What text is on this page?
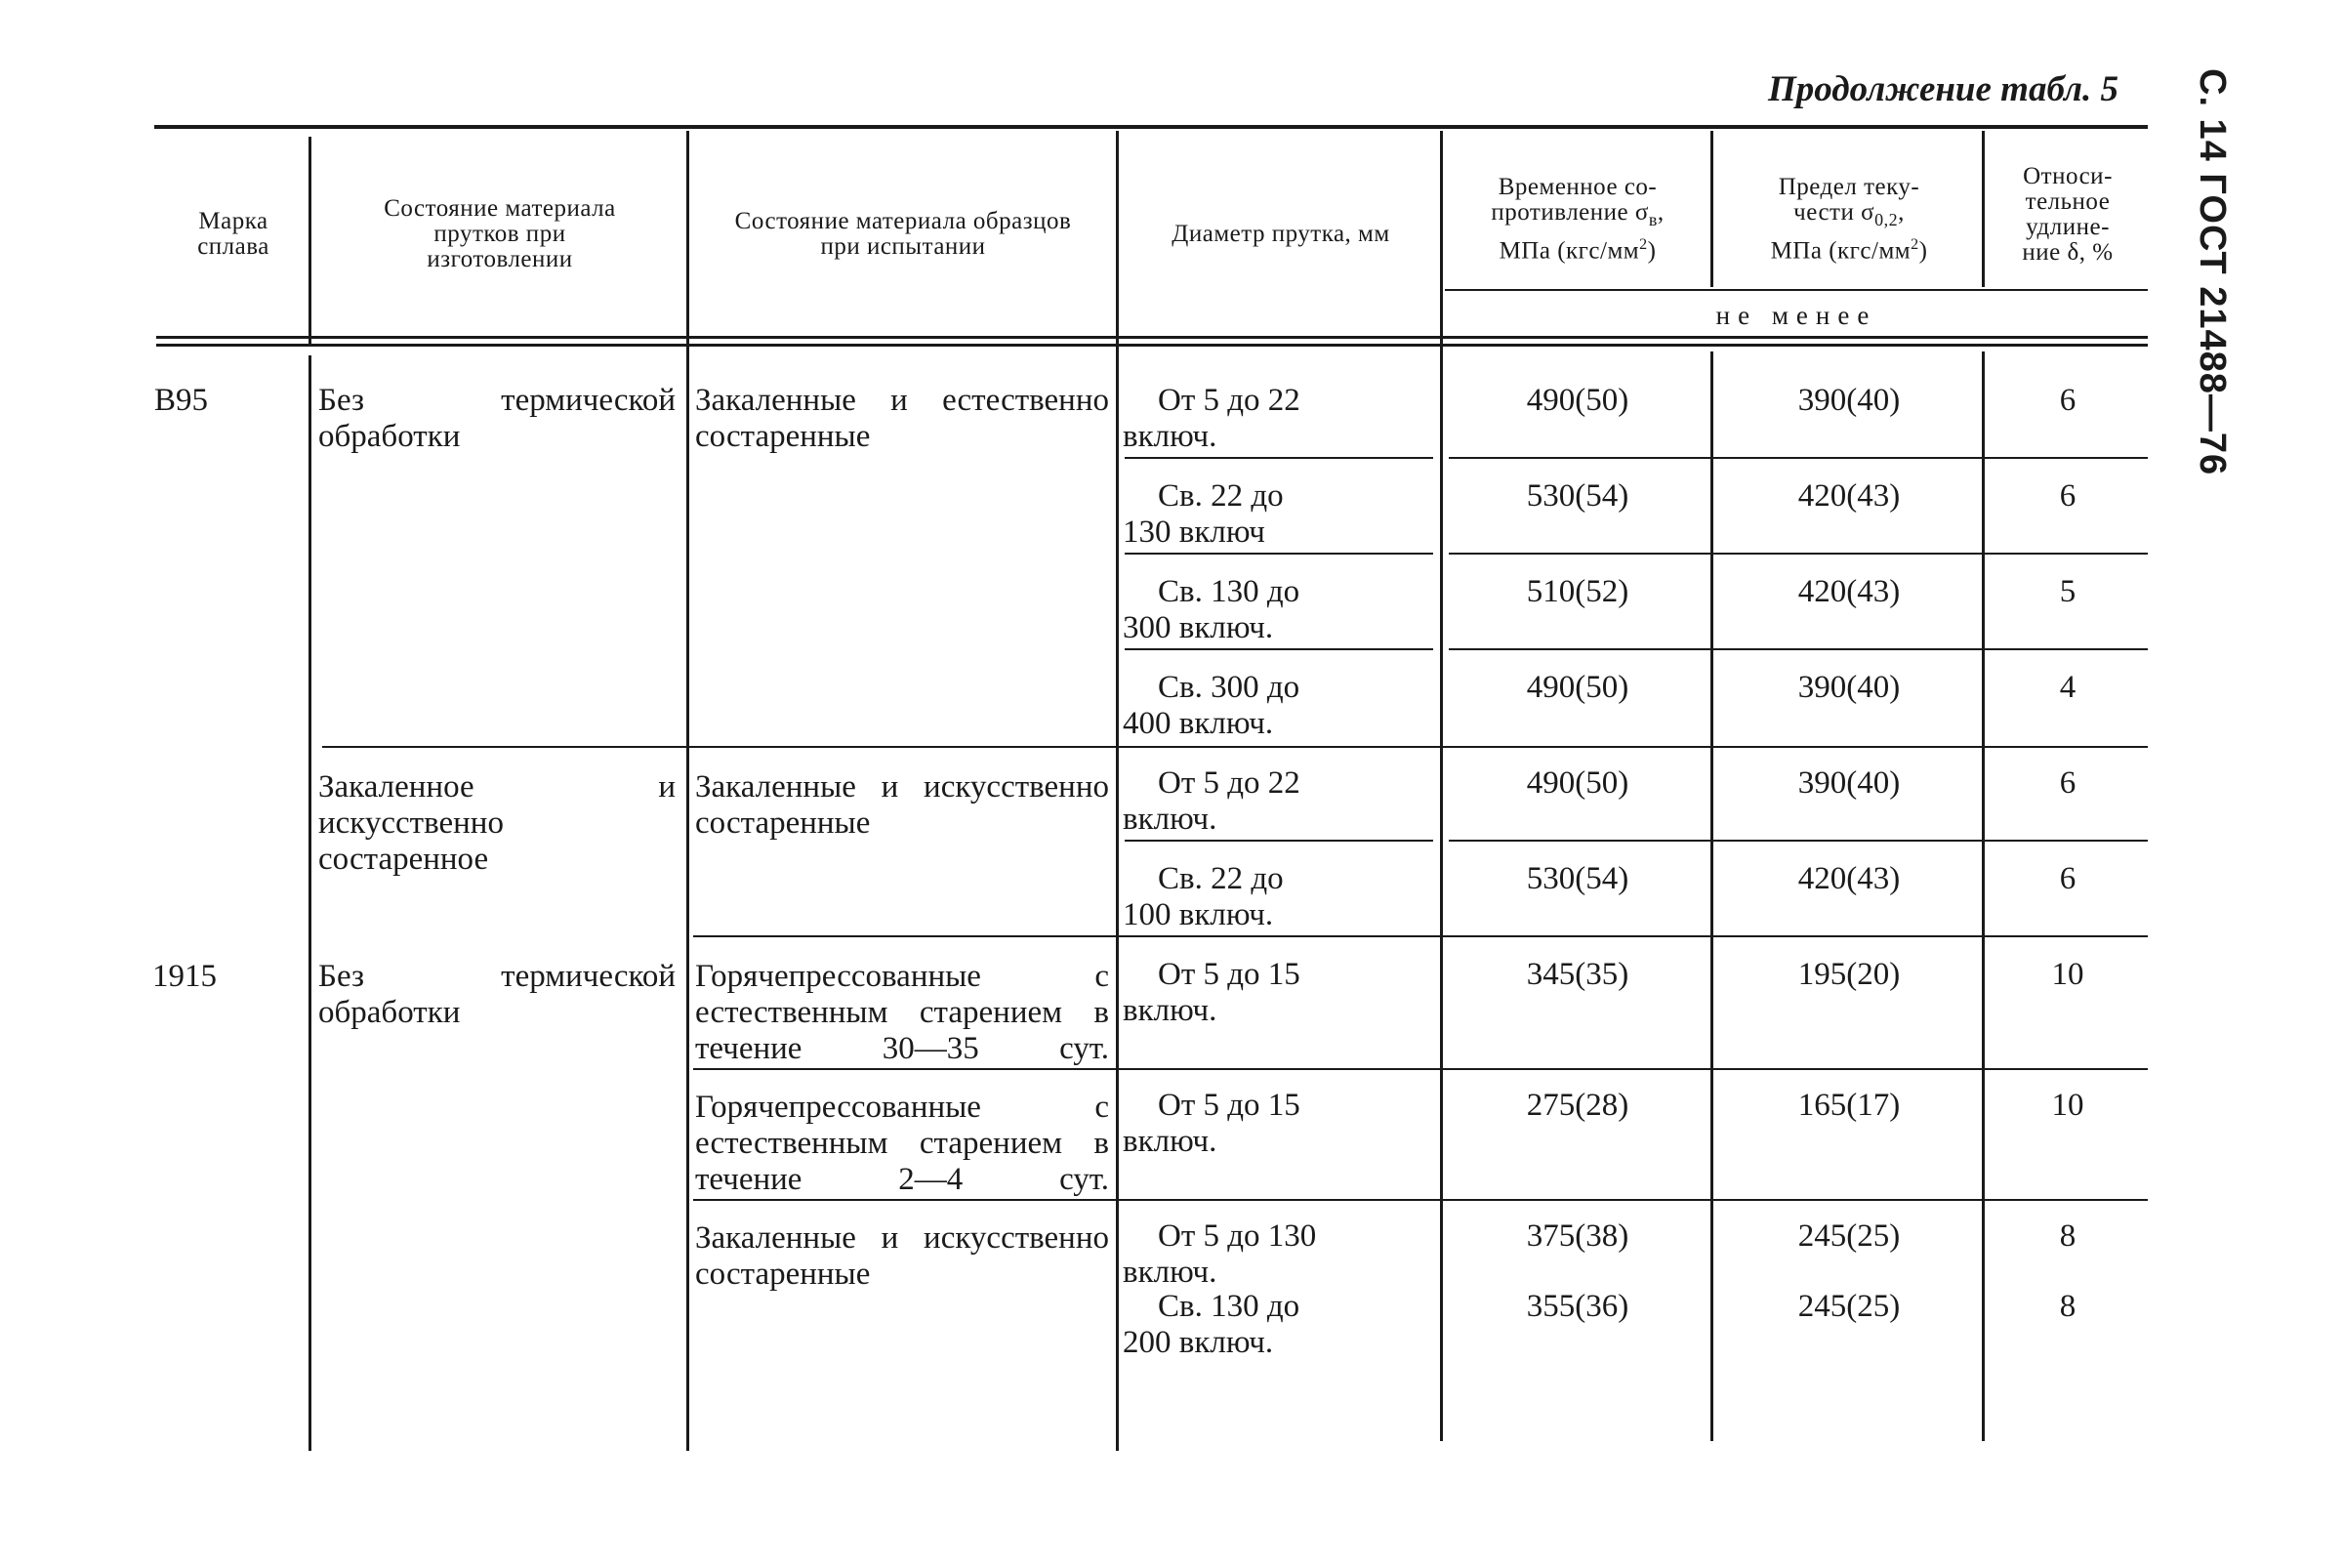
Продолжение табл. 5 С. 14 ГОСТ 21488—76
Марка сплава
Состояние материала прутков при изготовлении
Состояние материала образцов при испытании	Диаметр прутка, мм
Временное со-
противление $\sigma_в$,
МПа $(кгс/мм^2)$
Предел теку-
чести $\sigma_{0,2}$,
МПа $(кгс/мм^2)$
Относи-
тельное
удлине-
ние δ, %
не менее
В95
1915
Без термической обработки
Закаленное и искусственно состаренное
Без термической обработки
Закаленные и естественно состаренные
Закаленные и искусственно состаренные
Горячепрессованные с естественным старением в течение 30—35 сут.
Горячепрессованные с естественным старением в течение 2—4 сут.
Закаленные и искусственно состаренные
От 5 до 22 включ.
Св. 22 до 130 включ
Св. 130 до 300 включ.
Св. 300 до 400 включ.
От 5 до 22 включ.
Св. 22 до 100 включ.
От 5 до 15 включ.
От 5 до 15 включ.
От 5 до 130 включ.
Св. 130 до 200 включ.
490(50)
530(54)
510(52)
490(50)
490(50)
530(54)
345(35)
275(28)
375(38)
355(36)
390(40)
420(43)
420(43)
390(40)
390(40)
420(43)
195(20)
165(17)
245(25)
245(25)
6
6
5
4
6
6
10
10
8
8
